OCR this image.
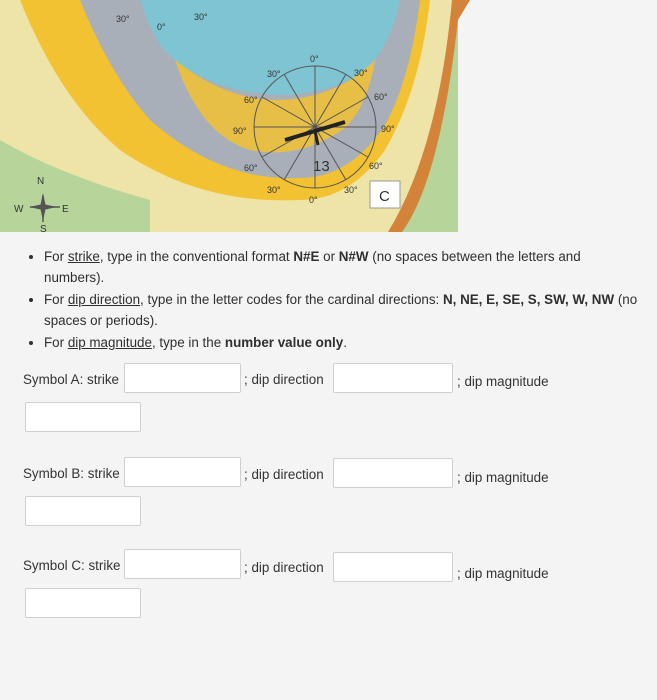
30°
0°
30°
0°
30°	30°
60°	60°
90°	90°
60°	60°
30°
0°
30°
13
C
N
S
E
W
• For strike, type in the conventional format N#E or N#W (no spaces between the letters and numbers).
• For dip direction, type in the letter codes for the cardinal directions: N, NE, E, SE, S, SW, W, NW (no spaces or periods).
• For dip magnitude, type in the number value only.
Symbol A: strike	; dip direction	; dip magnitude
Symbol B: strike	; dip direction	; dip magnitude
Symbol C: strike	; dip direction	; dip magnitude
